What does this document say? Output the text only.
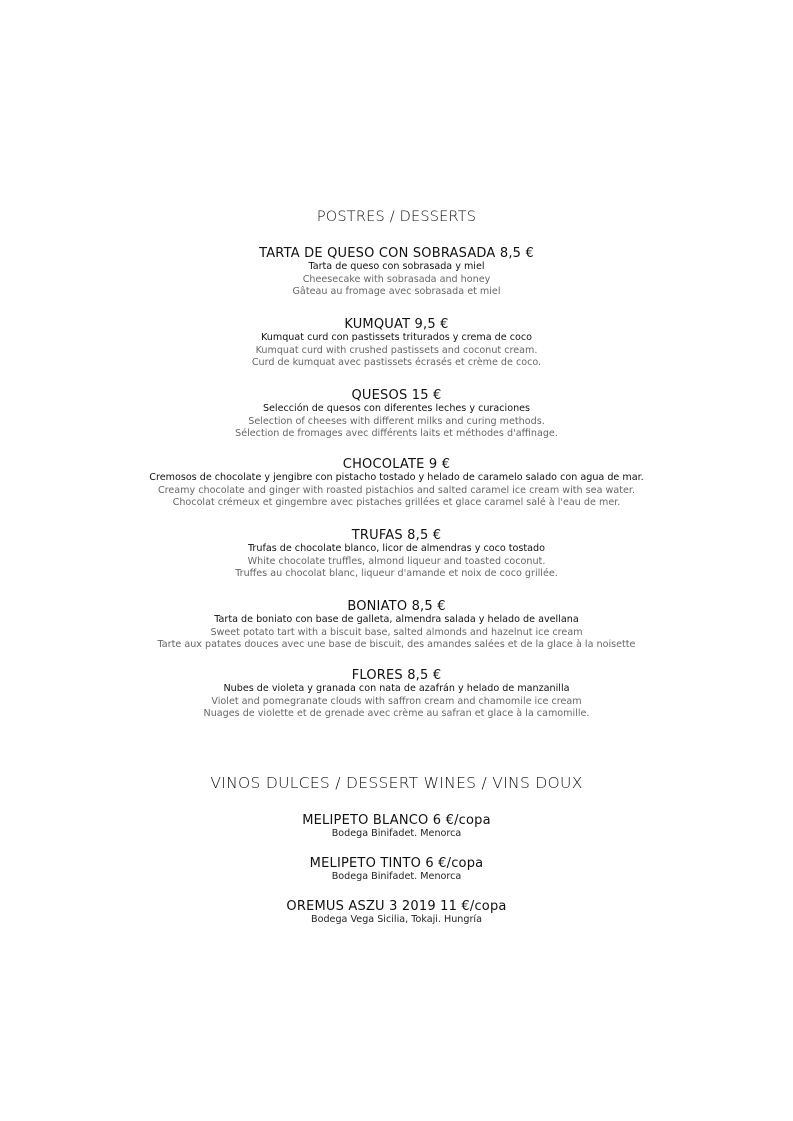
POSTRES / DESSERTS
TARTA DE QUESO CON SOBRASADA 8,5 €
Tarta de queso con sobrasada y miel
Cheesecake with sobrasada and honey
Gâteau au fromage avec sobrasada et miel
KUMQUAT 9,5 €
Kumquat curd con pastissets triturados y crema de coco
Kumquat curd with crushed pastissets and coconut cream.
Curd de kumquat avec pastissets écrasés et crème de coco.
QUESOS 15 €
Selección de quesos con diferentes leches y curaciones
Selection of cheeses with different milks and curing methods.
Sélection de fromages avec différents laits et méthodes d'affinage.
CHOCOLATE 9 €
Cremosos de chocolate y jengibre con pistacho tostado y helado de caramelo salado con agua de mar.
Creamy chocolate and ginger with roasted pistachios and salted caramel ice cream with sea water.
Chocolat crémeux et gingembre avec pistaches grillées et glace caramel salé à l'eau de mer.
TRUFAS 8,5 €
Trufas de chocolate blanco, licor de almendras y coco tostado
White chocolate truffles, almond liqueur and toasted coconut.
Truffes au chocolat blanc, liqueur d'amande et noix de coco grillée.
BONIATO 8,5 €
Tarta de boniato con base de galleta, almendra salada y helado de avellana
Sweet potato tart with a biscuit base, salted almonds and hazelnut ice cream
Tarte aux patates douces avec une base de biscuit, des amandes salées et de la glace à la noisette
FLORES 8,5 €
Nubes de violeta y granada con nata de azafrán y helado de manzanilla
Violet and pomegranate clouds with saffron cream and chamomile ice cream
Nuages de violette et de grenade avec crème au safran et glace à la camomille.
VINOS DULCES / DESSERT WINES / VINS DOUX
MELIPETO BLANCO 6 €/copa
Bodega Binifadet. Menorca
MELIPETO TINTO 6 €/copa
Bodega Binifadet. Menorca
OREMUS ASZU 3 2019 11 €/copa
Bodega Vega Sicilia, Tokaji. Hungría
